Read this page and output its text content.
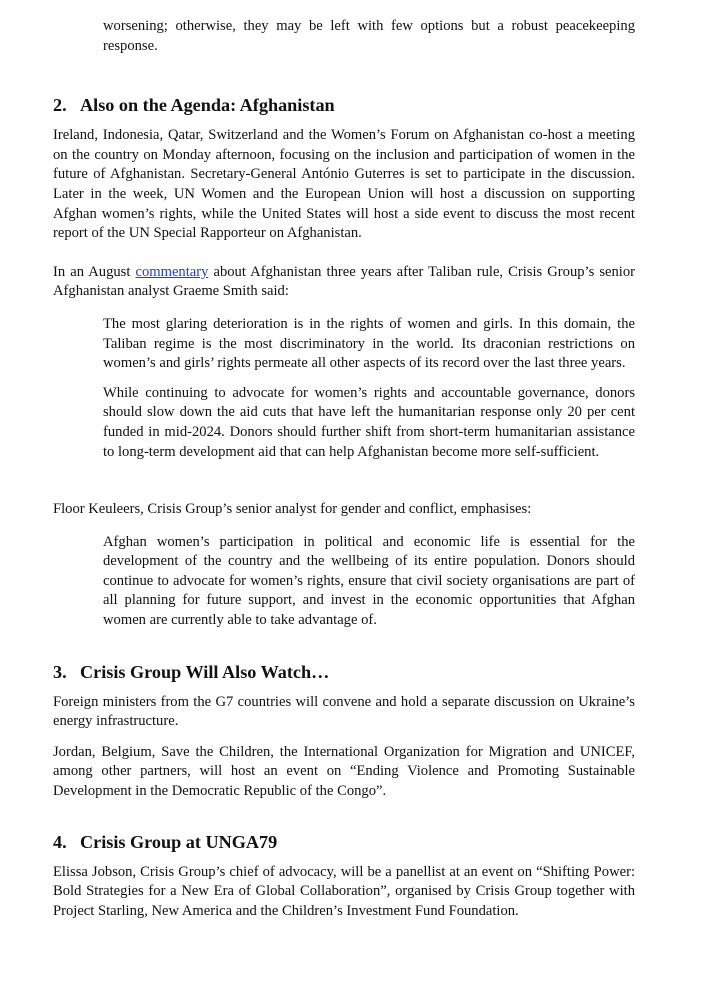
worsening; otherwise, they may be left with few options but a robust peacekeeping response.

2. Also on the Agenda: Afghanistan

Ireland, Indonesia, Qatar, Switzerland and the Women’s Forum on Afghanistan co-host a meeting on the country on Monday afternoon, focusing on the inclusion and participation of women in the future of Afghanistan. Secretary-General António Guterres is set to participate in the discussion. Later in the week, UN Women and the European Union will host a discussion on supporting Afghan women’s rights, while the United States will host a side event to discuss the most recent report of the UN Special Rapporteur on Afghanistan.

In an August commentary about Afghanistan three years after Taliban rule, Crisis Group’s senior Afghanistan analyst Graeme Smith said:

The most glaring deterioration is in the rights of women and girls. In this domain, the Taliban regime is the most discriminatory in the world. Its draconian restrictions on women’s and girls’ rights permeate all other aspects of its record over the last three years.

While continuing to advocate for women’s rights and accountable governance, donors should slow down the aid cuts that have left the humanitarian response only 20 per cent funded in mid-2024. Donors should further shift from short-term humanitarian assistance to long-term development aid that can help Afghanistan become more self-sufficient.

Floor Keuleers, Crisis Group’s senior analyst for gender and conflict, emphasises:

Afghan women’s participation in political and economic life is essential for the development of the country and the wellbeing of its entire population. Donors should continue to advocate for women’s rights, ensure that civil society organisations are part of all planning for future support, and invest in the economic opportunities that Afghan women are currently able to take advantage of.

3. Crisis Group Will Also Watch…

Foreign ministers from the G7 countries will convene and hold a separate discussion on Ukraine’s energy infrastructure.

Jordan, Belgium, Save the Children, the International Organization for Migration and UNICEF, among other partners, will host an event on “Ending Violence and Promoting Sustainable Development in the Democratic Republic of the Congo”.

4. Crisis Group at UNGA79

Elissa Jobson, Crisis Group’s chief of advocacy, will be a panellist at an event on “Shifting Power: Bold Strategies for a New Era of Global Collaboration”, organised by Crisis Group together with Project Starling, New America and the Children’s Investment Fund Foundation.
